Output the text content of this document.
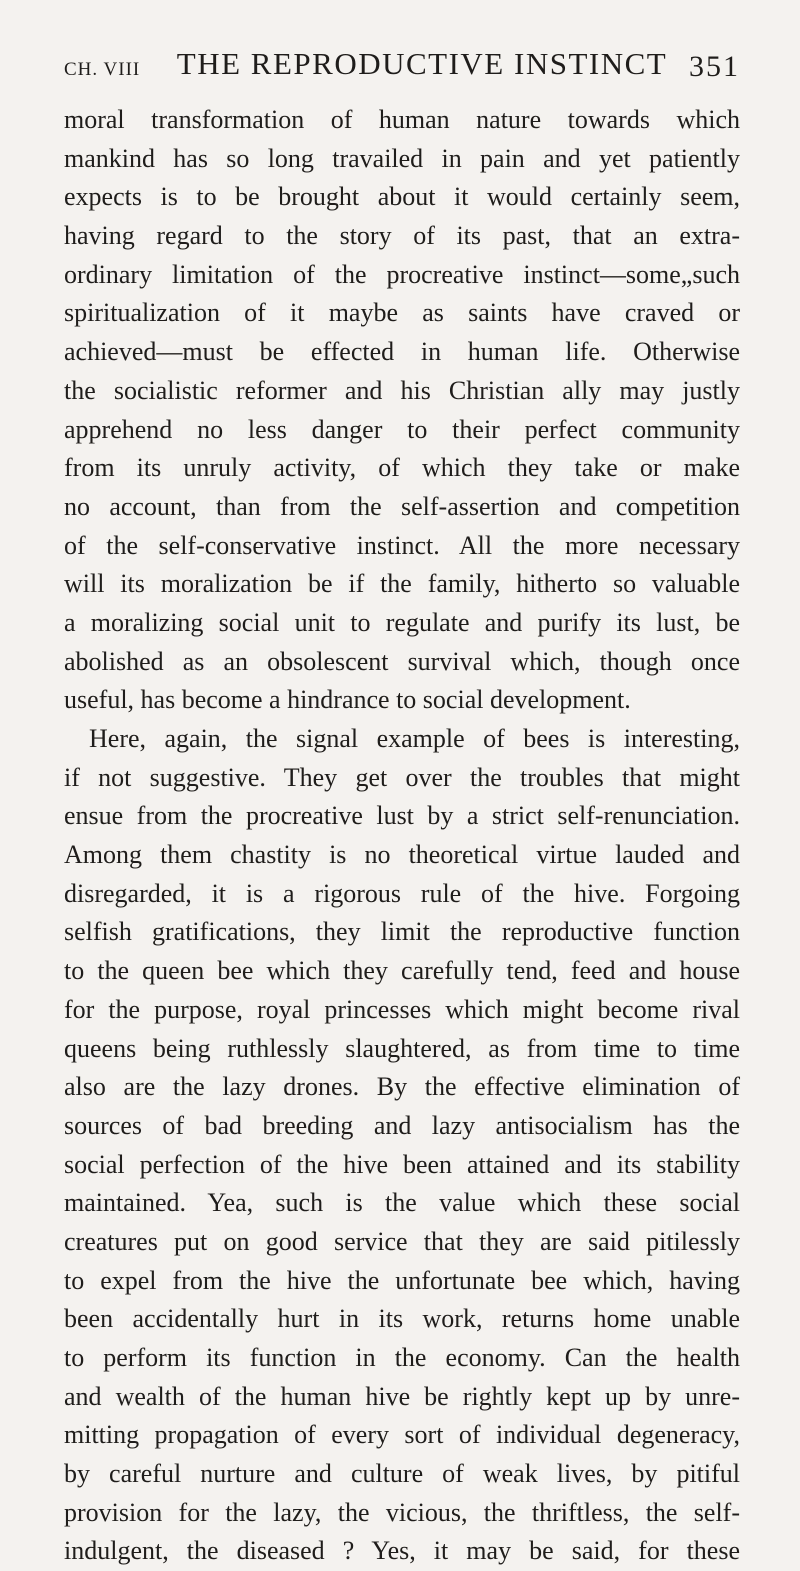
CH. VIII	THE REPRODUCTIVE INSTINCT 351
moral transformation of human nature towards which
mankind has so long travailed in pain and yet patiently
expects is to be brought about it would certainly seem,
having regard to the story of its past, that an extra-
ordinary limitation of the procreative instinct—some„such
spiritualization of it maybe as saints have craved or
achieved—must be effected in human life. Otherwise
the socialistic reformer and his Christian ally may justly
apprehend no less danger to their perfect community
from its unruly activity, of which they take or make
no account, than from the self-assertion and competition
of the self-conservative instinct. All the more necessary
will its moralization be if the family, hitherto so valuable
a moralizing social unit to regulate and purify its lust, be
abolished as an obsolescent survival which, though once
useful, has become a hindrance to social development.
Here, again, the signal example of bees is interesting,
if not suggestive. They get over the troubles that might
ensue from the procreative lust by a strict self-renunciation.
Among them chastity is no theoretical virtue lauded and
disregarded, it is a rigorous rule of the hive. Forgoing
selfish gratifications, they limit the reproductive function
to the queen bee which they carefully tend, feed and house
for the purpose, royal princesses which might become rival
queens being ruthlessly slaughtered, as from time to time
also are the lazy drones. By the effective elimination of
sources of bad breeding and lazy antisocialism has the
social perfection of the hive been attained and its stability
maintained. Yea, such is the value which these social
creatures put on good service that they are said pitilessly
to expel from the hive the unfortunate bee which, having
been accidentally hurt in its work, returns home unable
to perform its function in the economy. Can the health
and wealth of the human hive be rightly kept up by unre-
mitting propagation of every sort of individual degeneracy,
by careful nurture and culture of weak lives, by pitiful
provision for the lazy, the vicious, the thriftless, the self-
indulgent, the diseased ? Yes, it may be said, for these
